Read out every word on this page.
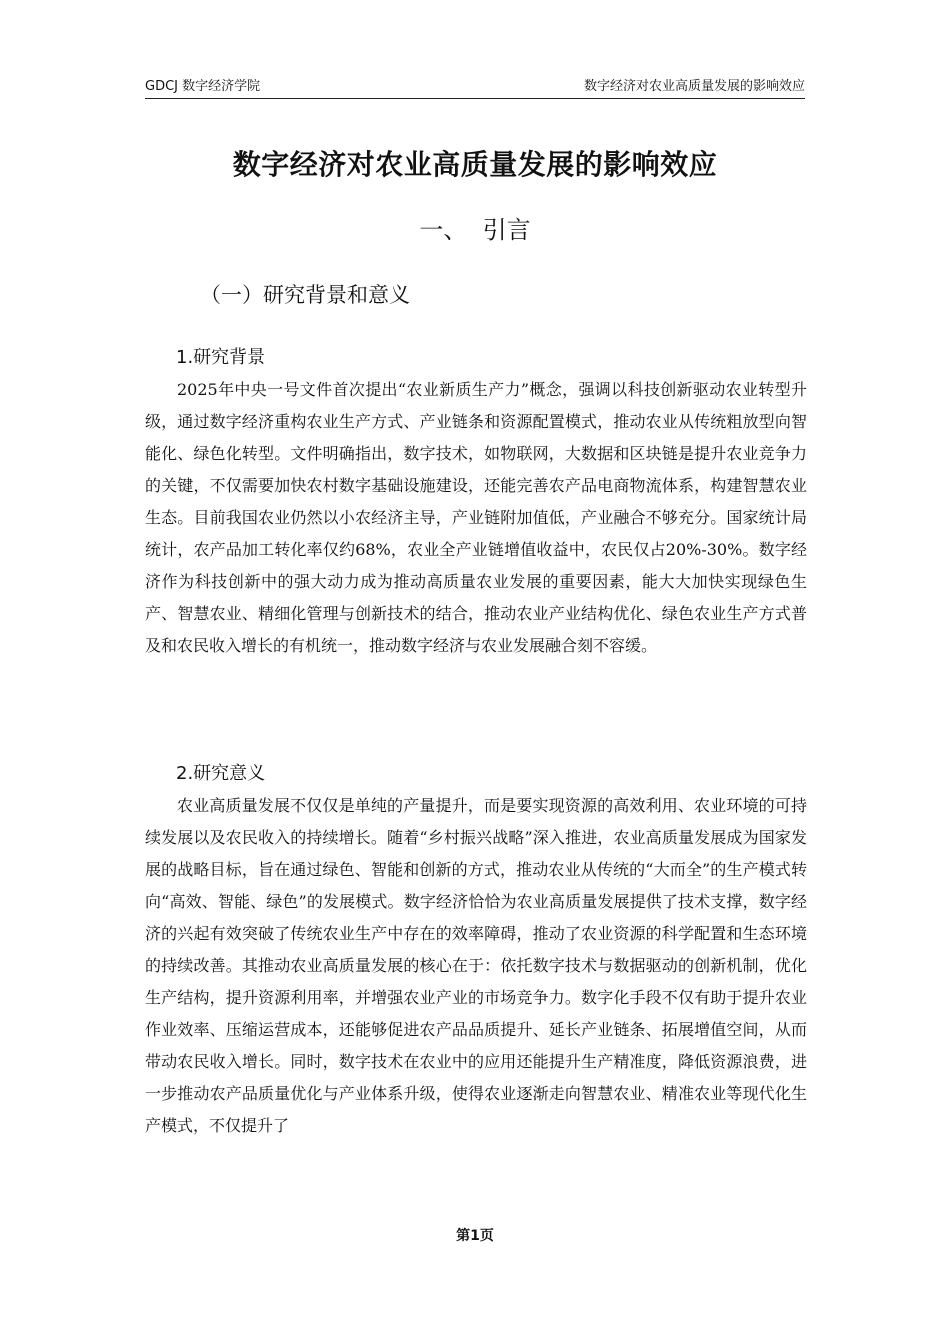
GDCJ 数字经济学院	数字经济对农业高质量发展的影响效应
数字经济对农业高质量发展的影响效应
一、  引言
（一）研究背景和意义
1.研究背景

2025年中央一号文件首次提出“农业新质生产力”概念，强调以科技创新驱动农业转型升级，通过数字经济重构农业生产方式、产业链条和资源配置模式，推动农业从传统粗放型向智能化、绿色化转型。文件明确指出，数字技术，如物联网，大数据和区块链是提升农业竞争力的关键，不仅需要加快农村数字基础设施建设，还能完善农产品电商物流体系，构建智慧农业生态。目前我国农业仍然以小农经济主导，产业链附加值低，产业融合不够充分。国家统计局统计，农产品加工转化率仅约68%，农业全产业链增值收益中，农民仅占20%-30%。数字经济作为科技创新中的强大动力成为推动高质量农业发展的重要因素，能大大加快实现绿色生产、智慧农业、精细化管理与创新技术的结合，推动农业产业结构优化、绿色农业生产方式普及和农民收入增长的有机统一，推动数字经济与农业发展融合刻不容缓。

2.研究意义

农业高质量发展不仅仅是单纯的产量提升，而是要实现资源的高效利用、农业环境的可持续发展以及农民收入的持续增长。随着“乡村振兴战略”深入推进，农业高质量发展成为国家发展的战略目标，旨在通过绿色、智能和创新的方式，推动农业从传统的“大而全”的生产模式转向“高效、智能、绿色”的发展模式。数字经济恰恰为农业高质量发展提供了技术支撑，数字经济的兴起有效突破了传统农业生产中存在的效率障碍，推动了农业资源的科学配置和生态环境的持续改善。其推动农业高质量发展的核心在于：依托数字技术与数据驱动的创新机制，优化生产结构，提升资源利用率，并增强农业产业的市场竞争力。数字化手段不仅有助于提升农业作业效率、压缩运营成本，还能够促进农产品品质提升、延长产业链条、拓展增值空间，从而带动农民收入增长。同时，数字技术在农业中的应用还能提升生产精准度，降低资源浪费，进一步推动农产品质量优化与产业体系升级，使得农业逐渐走向智慧农业、精准农业等现代化生产模式，不仅提升了

第1页
